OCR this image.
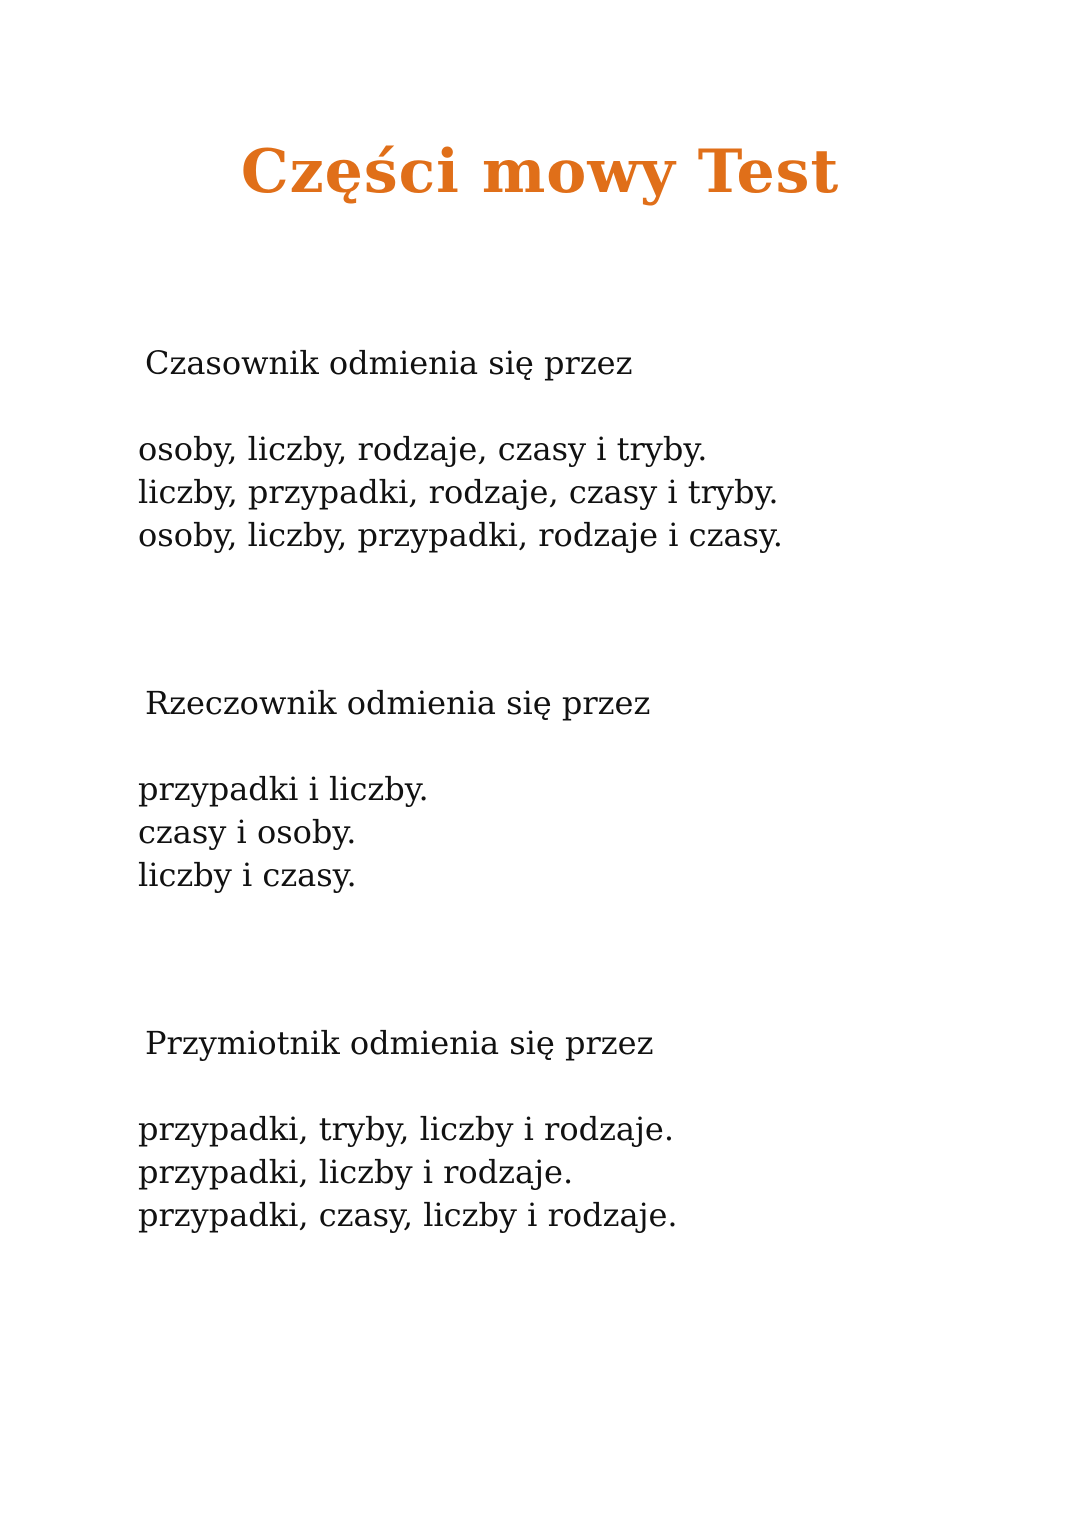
Części mowy Test

Czasownik odmienia się przez

osoby, liczby, rodzaje, czasy i tryby.
liczby, przypadki, rodzaje, czasy i tryby.
osoby, liczby, przypadki, rodzaje i czasy.

Rzeczownik odmienia się przez

przypadki i liczby.
czasy i osoby.
liczby i czasy.

Przymiotnik odmienia się przez

przypadki, tryby, liczby i rodzaje.
przypadki, liczby i rodzaje.
przypadki, czasy, liczby i rodzaje.
